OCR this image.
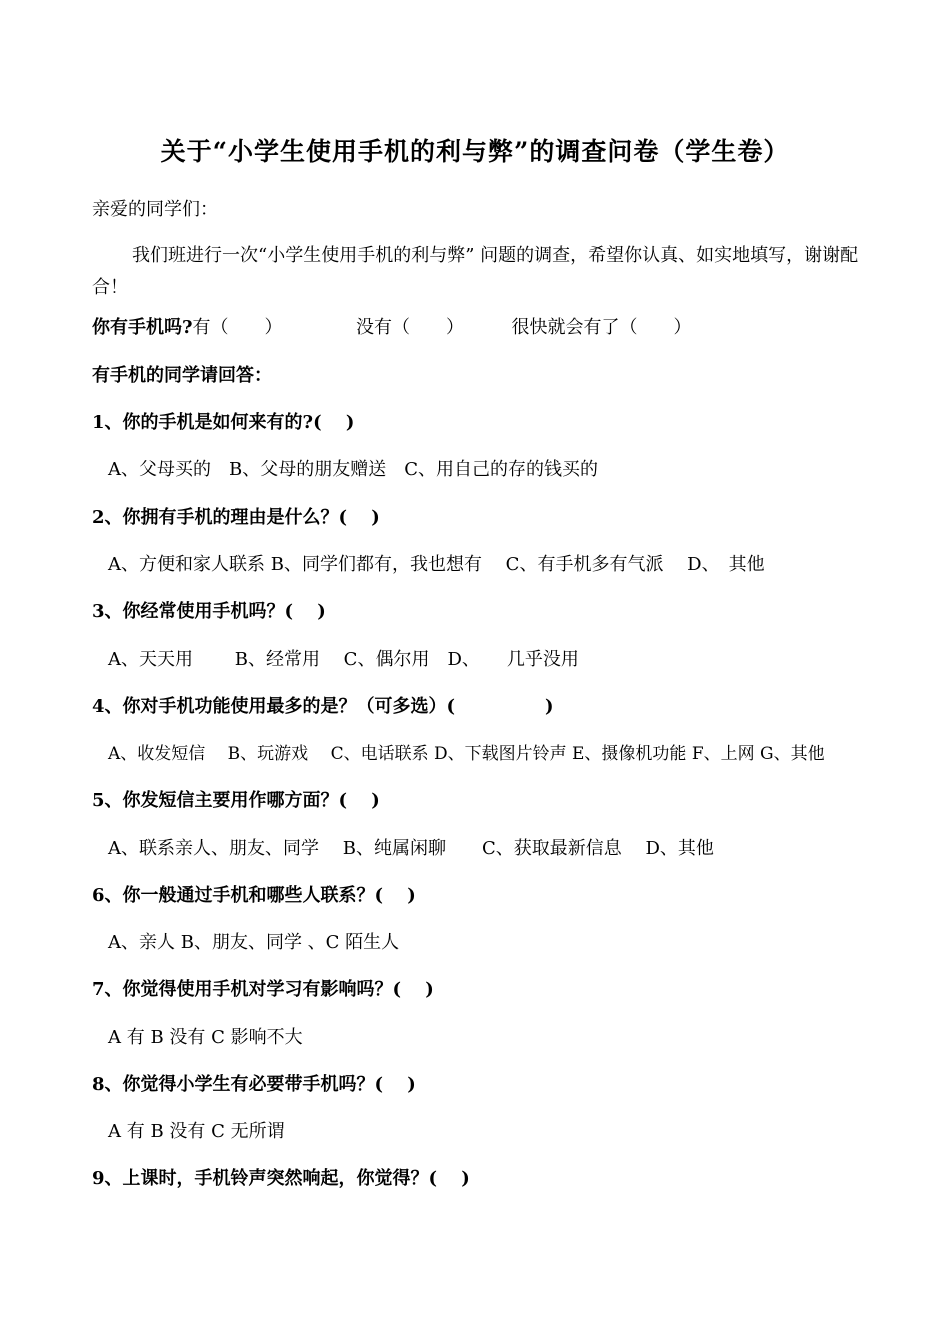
关于“小学生使用手机的利与弊”的调查问卷（学生卷）
亲爱的同学们：
我们班进行一次“小学生使用手机的利与弊” 问题的调查，希望你认真、如实地填写，谢谢配合！
你有手机吗?有（　　）	没有（　　）	很快就会有了（　　）
有手机的同学请回答：
1、你的手机是如何来有的?(　 )
A、父母买的　B、父母的朋友赠送　C、用自己的存的钱买的
2、你拥有手机的理由是什么？(　 )
A、方便和家人联系 B、同学们都有，我也想有　 C、有手机多有气派　 D、　其他
3、你经常使用手机吗？(　 )
A、天天用　　 B、经常用　 C、偶尔用　D、　　几乎没用
4、你对手机功能使用最多的是？（可多选）(　　　　　)
A、收发短信　 B、玩游戏　 C、电话联系 D、下载图片铃声 E、摄像机功能 F、上网 G、其他
5、你发短信主要用作哪方面？(　 )
A、联系亲人、朋友、同学　 B、纯属闲聊　　C、获取最新信息　 D、其他
6、你一般通过手机和哪些人联系？(　 )
A、亲人 B、朋友、同学 、C 陌生人
7、你觉得使用手机对学习有影响吗？(　 )
A 有 B 没有 C 影响不大
8、你觉得小学生有必要带手机吗？(　 )
A 有 B 没有 C 无所谓
9、上课时，手机铃声突然响起，你觉得？(　 )
